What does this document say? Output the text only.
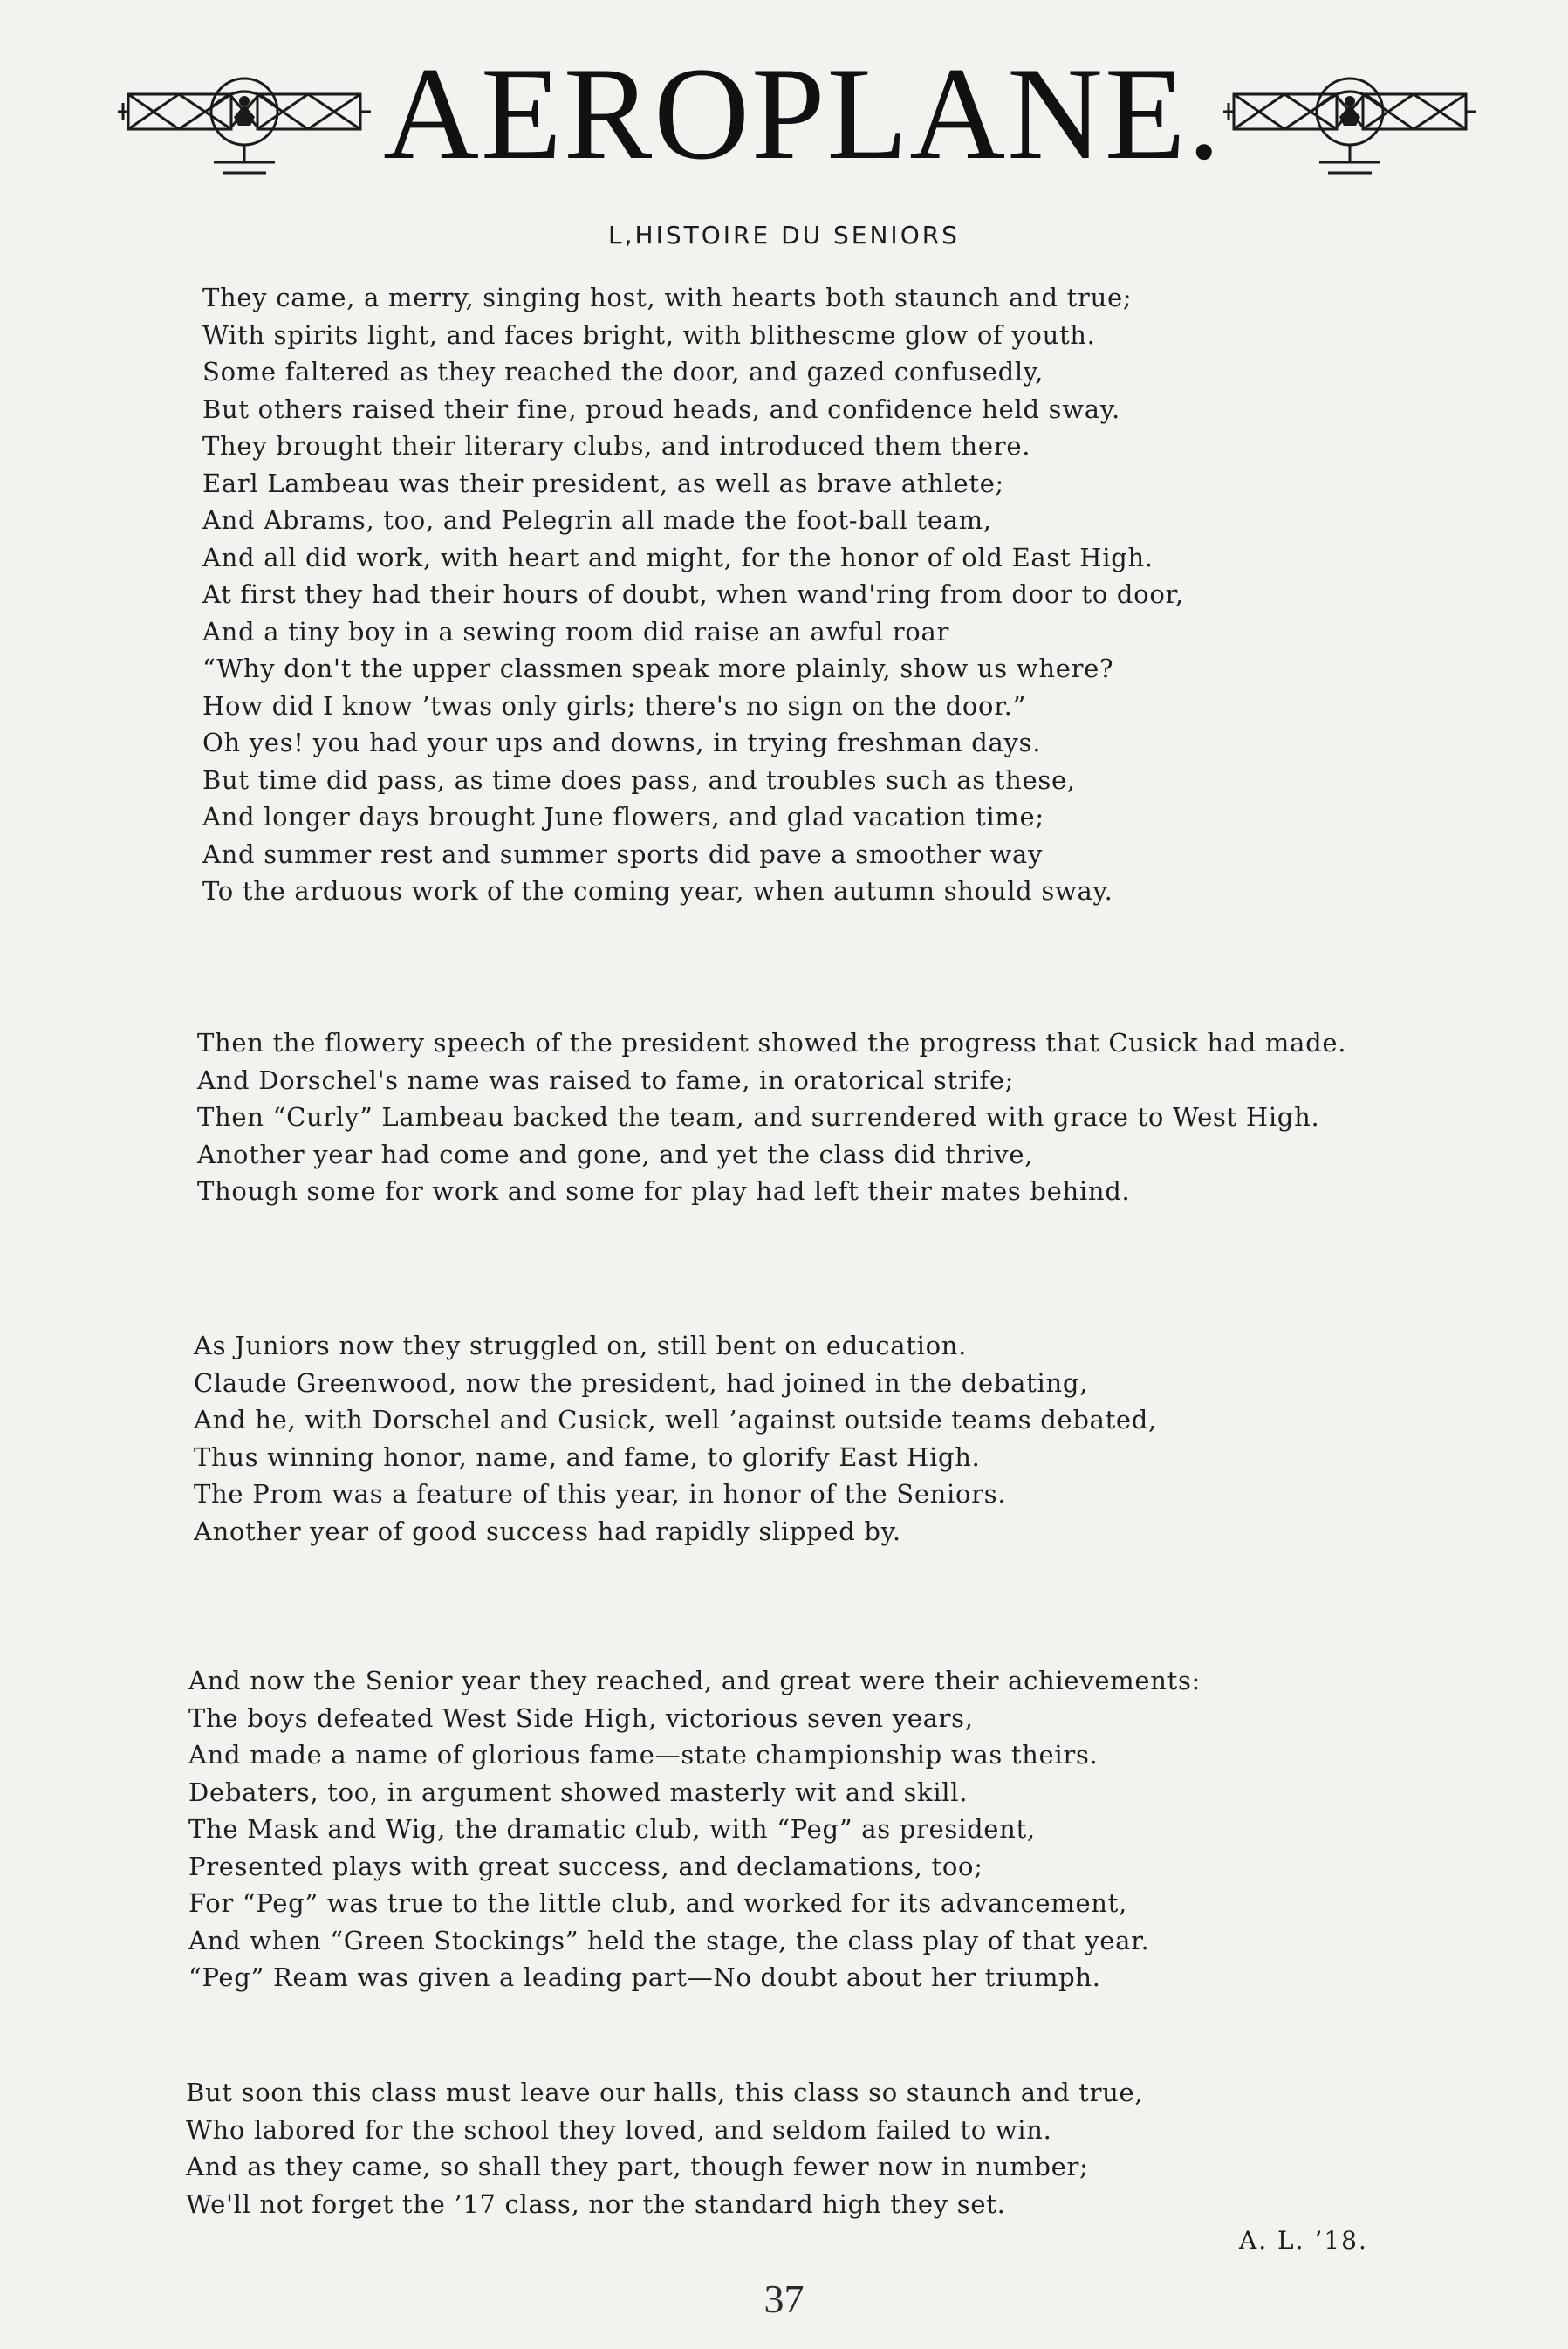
AEROPLANE.
L,HISTOIRE DU SENIORS
They came, a merry, singing host, with hearts both staunch and true;
With spirits light, and faces bright, with blithescme glow of youth.
Some faltered as they reached the door, and gazed confusedly,
But others raised their fine, proud heads, and confidence held sway.
They brought their literary clubs, and introduced them there.
Earl Lambeau was their president, as well as brave athlete;
And Abrams, too, and Pelegrin all made the foot-ball team,
And all did work, with heart and might, for the honor of old East High.
At first they had their hours of doubt, when wand'ring from door to door,
And a tiny boy in a sewing room did raise an awful roar
“Why don't the upper classmen speak more plainly, show us where?
How did I know ’twas only girls; there's no sign on the door.”
Oh yes! you had your ups and downs, in trying freshman days.
But time did pass, as time does pass, and troubles such as these,
And longer days brought June flowers, and glad vacation time;
And summer rest and summer sports did pave a smoother way
To the arduous work of the coming year, when autumn should sway.
Then the flowery speech of the president showed the progress that Cusick had made.
And Dorschel's name was raised to fame, in oratorical strife;
Then “Curly” Lambeau backed the team, and surrendered with grace to West High.
Another year had come and gone, and yet the class did thrive,
Though some for work and some for play had left their mates behind.
As Juniors now they struggled on, still bent on education.
Claude Greenwood, now the president, had joined in the debating,
And he, with Dorschel and Cusick, well ’against outside teams debated,
Thus winning honor, name, and fame, to glorify East High.
The Prom was a feature of this year, in honor of the Seniors.
Another year of good success had rapidly slipped by.
And now the Senior year they reached, and great were their achievements:
The boys defeated West Side High, victorious seven years,
And made a name of glorious fame—state championship was theirs.
Debaters, too, in argument showed masterly wit and skill.
The Mask and Wig, the dramatic club, with “Peg” as president,
Presented plays with great success, and declamations, too;
For “Peg” was true to the little club, and worked for its advancement,
And when “Green Stockings” held the stage, the class play of that year.
“Peg” Ream was given a leading part—No doubt about her triumph.
But soon this class must leave our halls, this class so staunch and true,
Who labored for the school they loved, and seldom failed to win.
And as they came, so shall they part, though fewer now in number;
We'll not forget the ’17 class, nor the standard high they set.
A. L. ’18.
37
